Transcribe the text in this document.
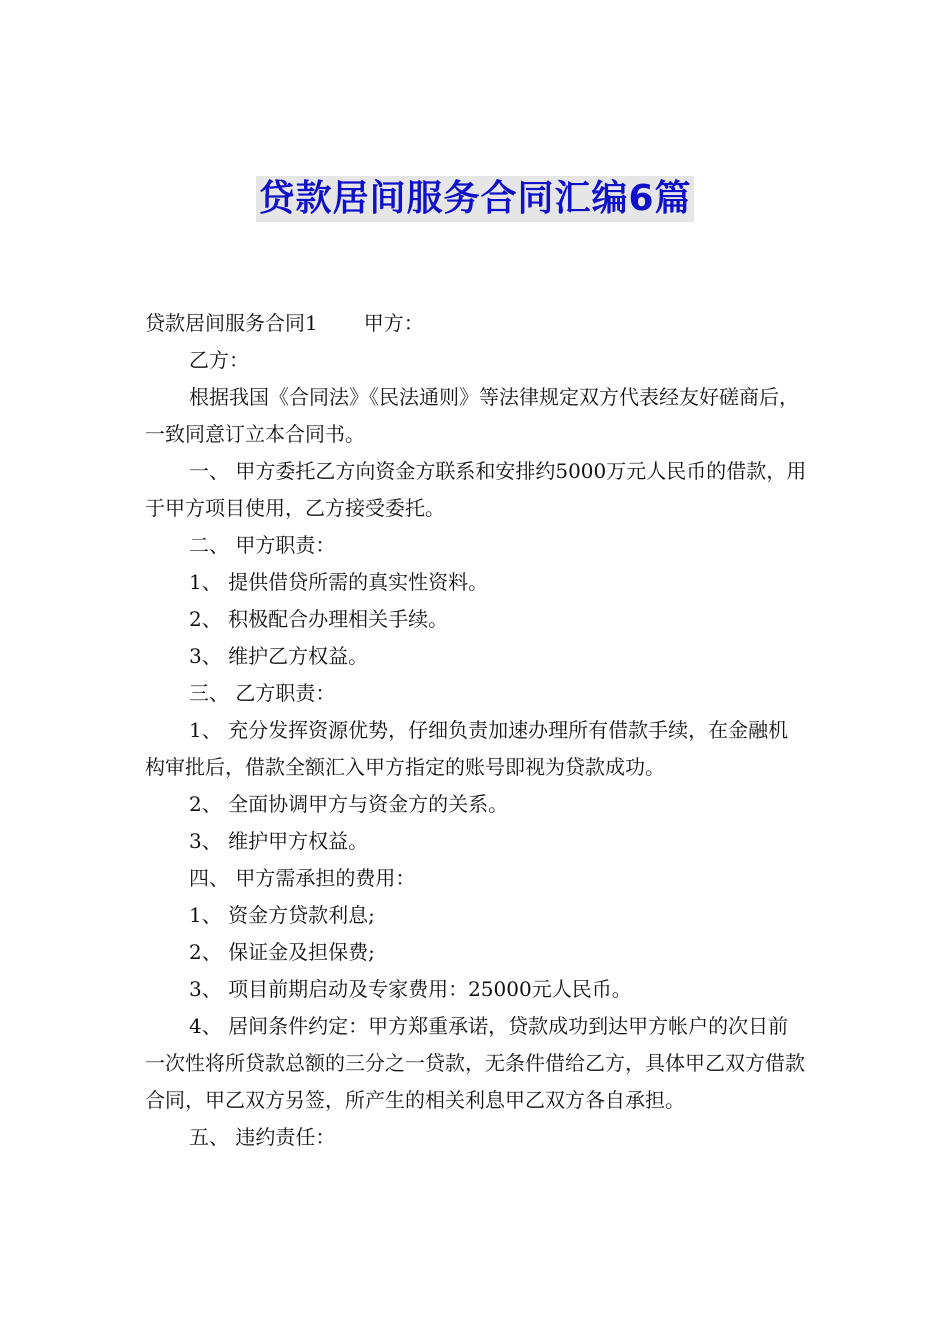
贷款居间服务合同汇编6篇

贷款居间服务合同1 甲方：

乙方：

根据我国《合同法》《民法通则》等法律规定双方代表经友好磋商后，一致同意订立本合同书。

一、 甲方委托乙方向资金方联系和安排约5000万元人民币的借款，用于甲方项目使用，乙方接受委托。

二、 甲方职责：

1、 提供借贷所需的真实性资料。

2、 积极配合办理相关手续。

3、 维护乙方权益。

三、 乙方职责：

1、 充分发挥资源优势，仔细负责加速办理所有借款手续，在金融机构审批后，借款全额汇入甲方指定的账号即视为贷款成功。

2、 全面协调甲方与资金方的关系。

3、 维护甲方权益。

四、 甲方需承担的费用：

1、 资金方贷款利息;

2、 保证金及担保费;

3、 项目前期启动及专家费用：25000元人民币。

4、 居间条件约定：甲方郑重承诺，贷款成功到达甲方帐户的次日前一次性将所贷款总额的三分之一贷款，无条件借给乙方，具体甲乙双方借款合同，甲乙双方另签，所产生的相关利息甲乙双方各自承担。

五、 违约责任：
